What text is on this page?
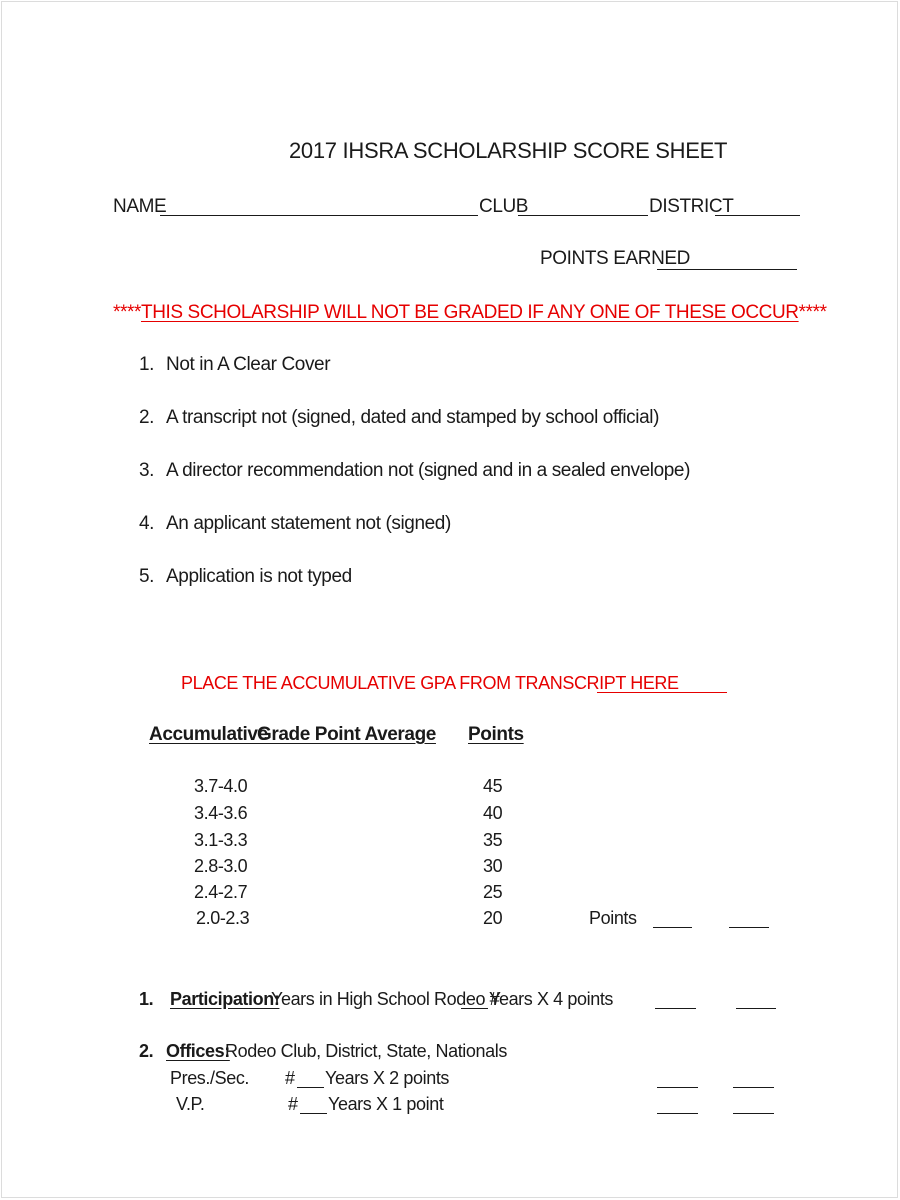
2017 IHSRA SCHOLARSHIP SCORE SHEET
NAME	CLUB	DISTRICT
POINTS EARNED
****THIS SCHOLARSHIP WILL NOT BE GRADED IF ANY ONE OF THESE OCCUR****
1. Not in A Clear Cover
2. A transcript not (signed, dated and stamped by school official)
3. A director recommendation not (signed and in a sealed envelope)
4. An applicant statement not (signed)
5. Application is not typed
PLACE THE ACCUMULATIVE GPA FROM TRANSCRIPT HERE
Accumulative
Grade Point Average Points
3.7-4.0	45
3.4-3.6	40
3.1-3.3	35
2.8-3.0	30
2.4-2.7	25
2.0-2.3	20	Points
1. Participation:
Years in High School Rodeo #
Years X 4 points
2. Offices:
Rodeo Club, District, State, Nationals
Pres./Sec. # Years X 2 points
V.P.	# Years X 1 point
